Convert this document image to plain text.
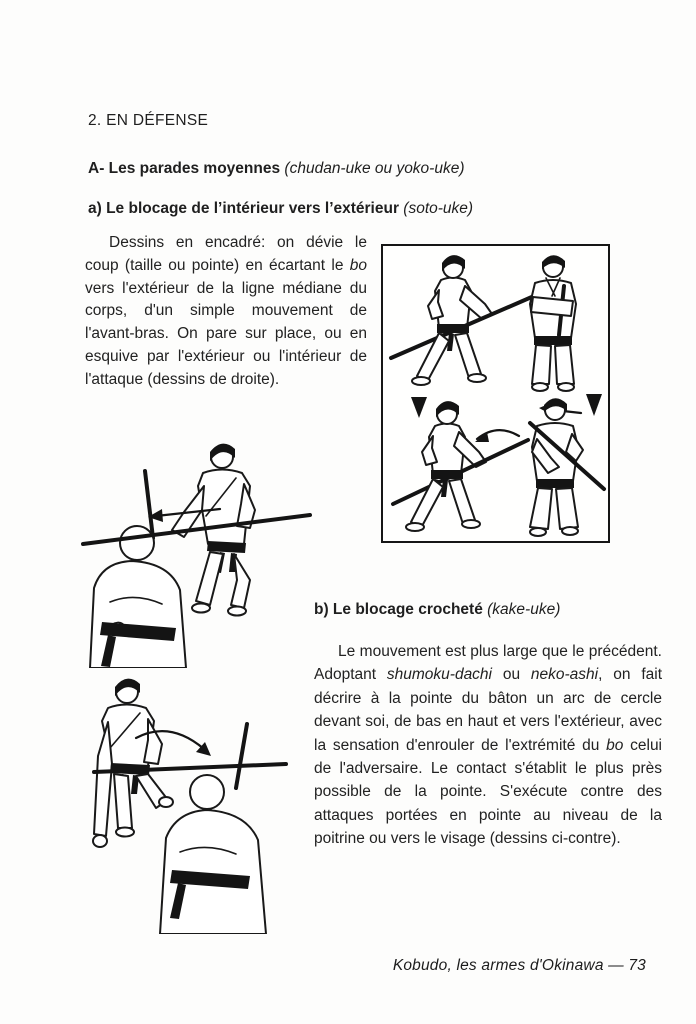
2. EN DÉFENSE
A- Les parades moyennes (chudan-uke ou yoko-uke)
a) Le blocage de l’intérieur vers l’extérieur (soto-uke)

Dessins en encadré: on dévie le coup (taille ou pointe) en écartant le bo vers l'extérieur de la ligne médiane du corps, d'un simple mouvement de l'avant-bras. On pare sur place, ou en esquive par l'extérieur ou l'intérieur de l'attaque (dessins de droite).

b) Le blocage crocheté (kake-uke)

Le mouvement est plus large que le précédent. Adoptant shumoku-dachi ou neko-ashi, on fait décrire à la pointe du bâton un arc de cercle devant soi, de bas en haut et vers l'extérieur, avec la sensation d'enrouler de l'extrémité du bo celui de l'adversaire. Le contact s'établit le plus près possible de la pointe. S'exécute contre des attaques portées en pointe au niveau de la poitrine ou vers le visage (dessins ci-contre).

Kobudo, les armes d'Okinawa — 73
